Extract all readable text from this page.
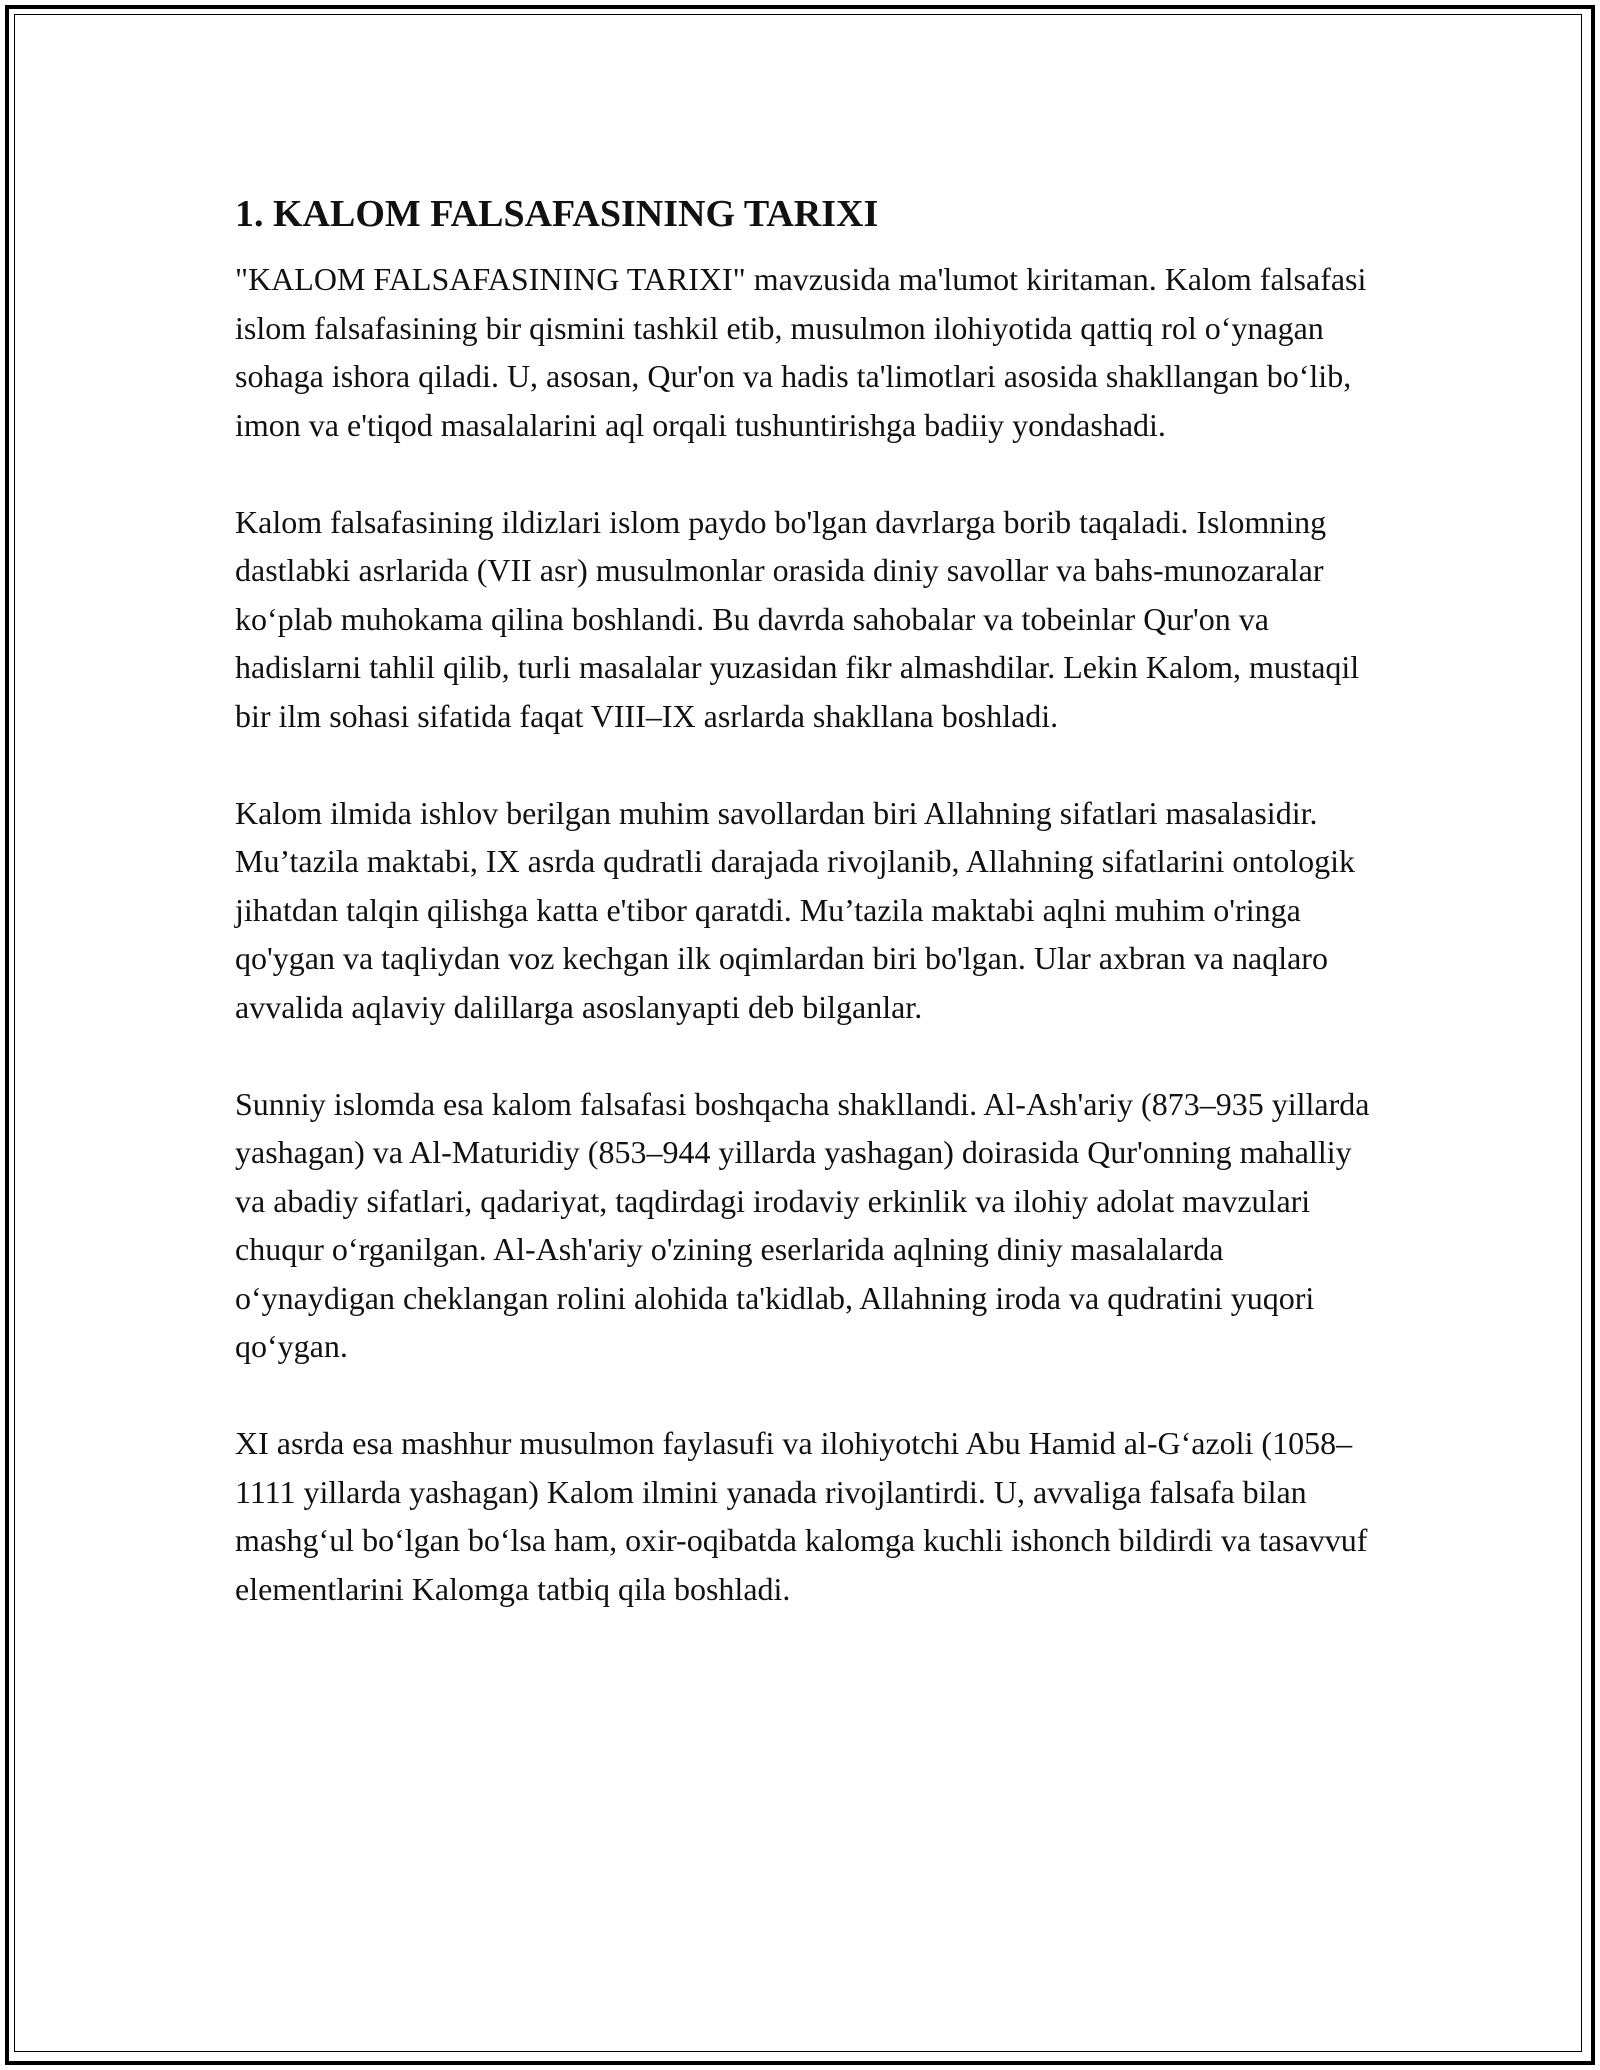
1. KALOM FALSAFASINING TARIXI

"KALOM FALSAFASINING TARIXI" mavzusida ma'lumot kiritaman. Kalom falsafasi islom falsafasining bir qismini tashkil etib, musulmon ilohiyotida qattiq rol o‘ynagan sohaga ishora qiladi. U, asosan, Qur'on va hadis ta'limotlari asosida shakllangan bo‘lib, imon va e'tiqod masalalarini aql orqali tushuntirishga badiiy yondashadi.

Kalom falsafasining ildizlari islom paydo bo'lgan davrlarga borib taqaladi. Islomning dastlabki asrlarida (VII asr) musulmonlar orasida diniy savollar va bahs-munozaralar ko‘plab muhokama qilina boshlandi. Bu davrda sahobalar va tobeinlar Qur'on va hadislarni tahlil qilib, turli masalalar yuzasidan fikr almashdilar. Lekin Kalom, mustaqil bir ilm sohasi sifatida faqat VIII–IX asrlarda shakllana boshladi.

Kalom ilmida ishlov berilgan muhim savollardan biri Allahning sifatlari masalasidir. Mu’tazila maktabi, IX asrda qudratli darajada rivojlanib, Allahning sifatlarini ontologik jihatdan talqin qilishga katta e'tibor qaratdi. Mu’tazila maktabi aqlni muhim o'ringa qo'ygan va taqliydan voz kechgan ilk oqimlardan biri bo'lgan. Ular axbran va naqlaro avvalida aqlaviy dalillarga asoslanyapti deb bilganlar.

Sunniy islomda esa kalom falsafasi boshqacha shakllandi. Al-Ash'ariy (873–935 yillarda yashagan) va Al-Maturidiy (853–944 yillarda yashagan) doirasida Qur'onning mahalliy va abadiy sifatlari, qadariyat, taqdirdagi irodaviy erkinlik va ilohiy adolat mavzulari chuqur o‘rganilgan. Al-Ash'ariy o'zining eserlarida aqlning diniy masalalarda o‘ynaydigan cheklangan rolini alohida ta'kidlab, Allahning iroda va qudratini yuqori qo‘ygan.

XI asrda esa mashhur musulmon faylasufi va ilohiyotchi Abu Hamid al-G‘azoli (1058–1111 yillarda yashagan) Kalom ilmini yanada rivojlantirdi. U, avvaliga falsafa bilan mashg‘ul bo‘lgan bo‘lsa ham, oxir-oqibatda kalomga kuchli ishonch bildirdi va tasavvuf elementlarini Kalomga tatbiq qila boshladi.
